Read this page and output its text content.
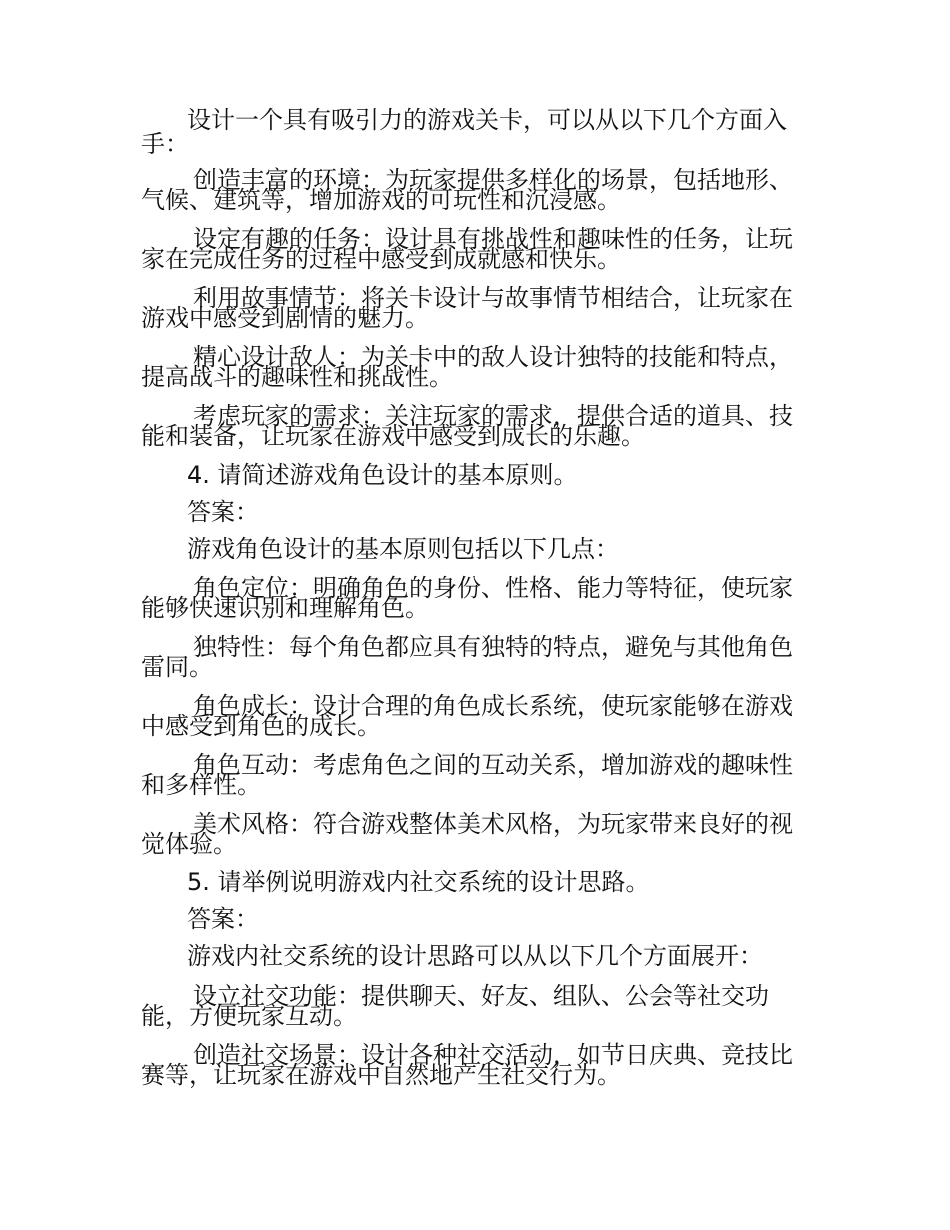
设计一个具有吸引力的游戏关卡，可以从以下几个方面入手：

创造丰富的环境：为玩家提供多样化的场景，包括地形、气候、建筑等，增加游戏的可玩性和沉浸感。

设定有趣的任务：设计具有挑战性和趣味性的任务，让玩家在完成任务的过程中感受到成就感和快乐。

利用故事情节：将关卡设计与故事情节相结合，让玩家在游戏中感受到剧情的魅力。

精心设计敌人：为关卡中的敌人设计独特的技能和特点，提高战斗的趣味性和挑战性。

考虑玩家的需求：关注玩家的需求，提供合适的道具、技能和装备，让玩家在游戏中感受到成长的乐趣。

4. 请简述游戏角色设计的基本原则。

答案：

游戏角色设计的基本原则包括以下几点：

角色定位：明确角色的身份、性格、能力等特征，使玩家能够快速识别和理解角色。

独特性：每个角色都应具有独特的特点，避免与其他角色雷同。

角色成长：设计合理的角色成长系统，使玩家能够在游戏中感受到角色的成长。

角色互动：考虑角色之间的互动关系，增加游戏的趣味性和多样性。

美术风格：符合游戏整体美术风格，为玩家带来良好的视觉体验。

5. 请举例说明游戏内社交系统的设计思路。

答案：

游戏内社交系统的设计思路可以从以下几个方面展开：

设立社交功能：提供聊天、好友、组队、公会等社交功能，方便玩家互动。

创造社交场景：设计各种社交活动，如节日庆典、竞技比赛等，让玩家在游戏中自然地产生社交行为。
